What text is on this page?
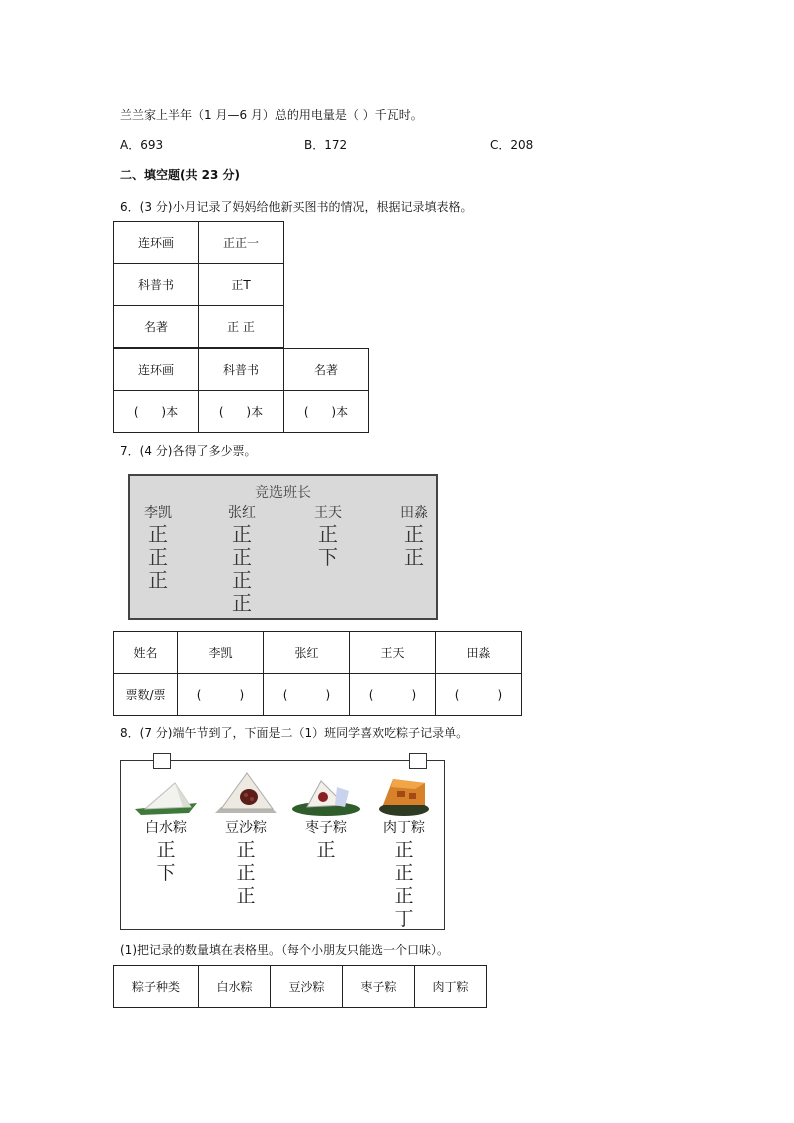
兰兰家上半年（1 月—6 月）总的用电量是（ ）千瓦时。
A．693	B．172	C．208
二、填空题(共 23 分)
6．(3 分)小月记录了妈妈给他新买图书的情况，根据记录填表格。
连环画	正正一
科普书	正T
名著	正 正
连环画	科普书	名著
(      )本	(      )本	(      )本
7．(4 分)各得了多少票。
竞选班长
李凯
正
正
正
张红
正
正
正
正
王天
正
下
田淼
正
正
姓名	李凯	张红	王天	田淼
票数/票	(          )	(          )	(          )	(          )
8．(7 分)端午节到了，下面是二（1）班同学喜欢吃粽子记录单。
白水粽
正
下
豆沙粽
正
正
正
枣子粽
正
肉丁粽
正
正
正
丁
(1)把记录的数量填在表格里。（每个小朋友只能选一个口味）。
粽子种类	白水粽	豆沙粽	枣子粽	肉丁粽
